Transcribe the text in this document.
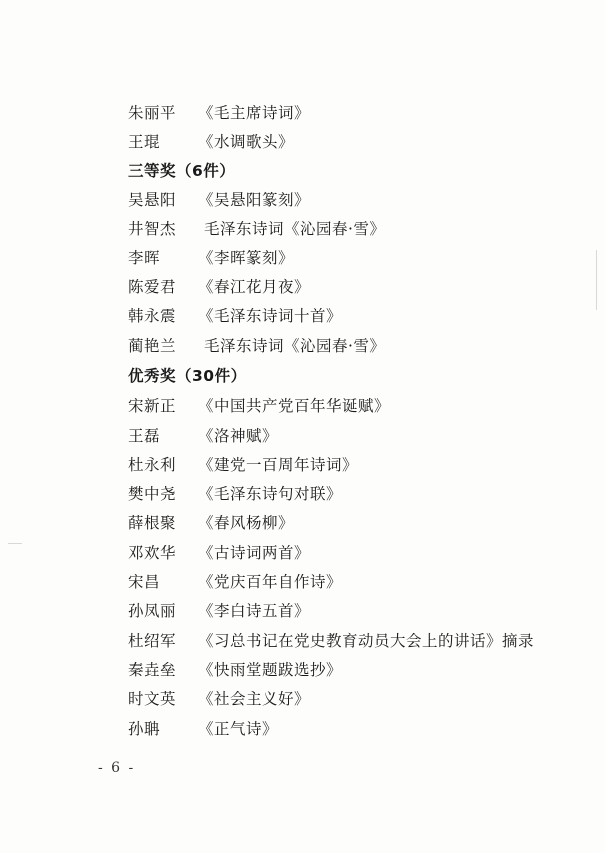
朱丽平	《毛主席诗词》
王琨	《水调歌头》
三等奖（6件）
吴悬阳	《吴悬阳篆刻》
井智杰	毛泽东诗词《沁园春·雪》
李晖	《李晖篆刻》
陈爱君	《春江花月夜》
韩永震	《毛泽东诗词十首》
蔺艳兰	毛泽东诗词《沁园春·雪》
优秀奖（30件）
宋新正	《中国共产党百年华诞赋》
王磊	《洛神赋》
杜永利	《建党一百周年诗词》
樊中尧	《毛泽东诗句对联》
薛根聚	《春风杨柳》
邓欢华	《古诗词两首》
宋昌	《党庆百年自作诗》
孙凤丽	《李白诗五首》
杜绍军	《习总书记在党史教育动员大会上的讲话》摘录
秦垚垒	《快雨堂题跋选抄》
时文英	《社会主义好》
孙聃	《正气诗》
- 6 -
